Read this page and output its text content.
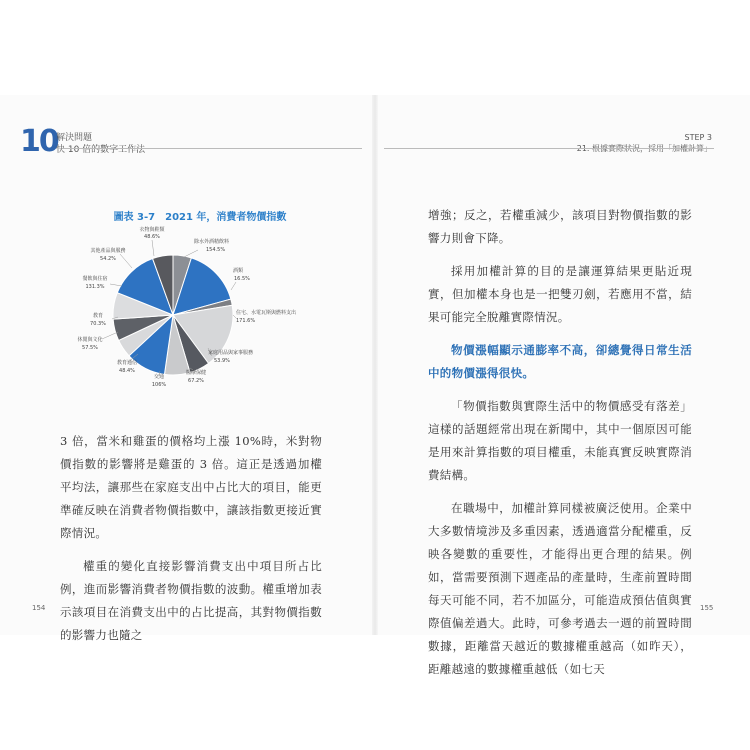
10
解決問題
快 10 倍的數字工作法
STEP 3
21. 根據實際狀況，採用「加權計算」
圖表 3-7　2021 年，消費者物價指數
衣物與鞋類
48.6%
除水外酒精飲料
154.5%
酒類
16.5%
住宅、水電瓦斯與燃料支出
171.6%
家庭用品與家事服務
53.9%
醫療保健
67.2%
交通
106%
教育通信
48.4%
休閒與文化
57.5%
教育
70.3%
餐飲與住宿
131.3%
其他產品與服務
54.2%

3 倍，當米和雞蛋的價格均上漲 10%時，米對物價指數的影響將是雞蛋的 3 倍。這正是透過加權平均法，讓那些在家庭支出中占比大的項目，能更準確反映在消費者物價指數中，讓該指數更接近實際情況。

權重的變化直接影響消費支出中項目所占比例，進而影響消費者物價指數的波動。權重增加表示該項目在消費支出中的占比提高，其對物價指數的影響力也隨之

154

增強；反之，若權重減少，該項目對物價指數的影響力則會下降。

採用加權計算的目的是讓運算結果更貼近現實，但加權本身也是一把雙刃劍，若應用不當，結果可能完全脫離實際情況。

物價漲幅顯示通膨率不高，卻總覺得日常生活中的物價漲得很快。

「物價指數與實際生活中的物價感受有落差」這樣的話題經常出現在新聞中，其中一個原因可能是用來計算指數的項目權重，未能真實反映實際消費結構。

在職場中，加權計算同樣被廣泛使用。企業中大多數情境涉及多重因素，透過適當分配權重，反映各變數的重要性，才能得出更合理的結果。例如，當需要預測下週產品的產量時，生產前置時間每天可能不同，若不加區分，可能造成預估值與實際值偏差過大。此時，可參考過去一週的前置時間數據，距離當天越近的數據權重越高（如昨天），距離越遠的數據權重越低（如七天

155
